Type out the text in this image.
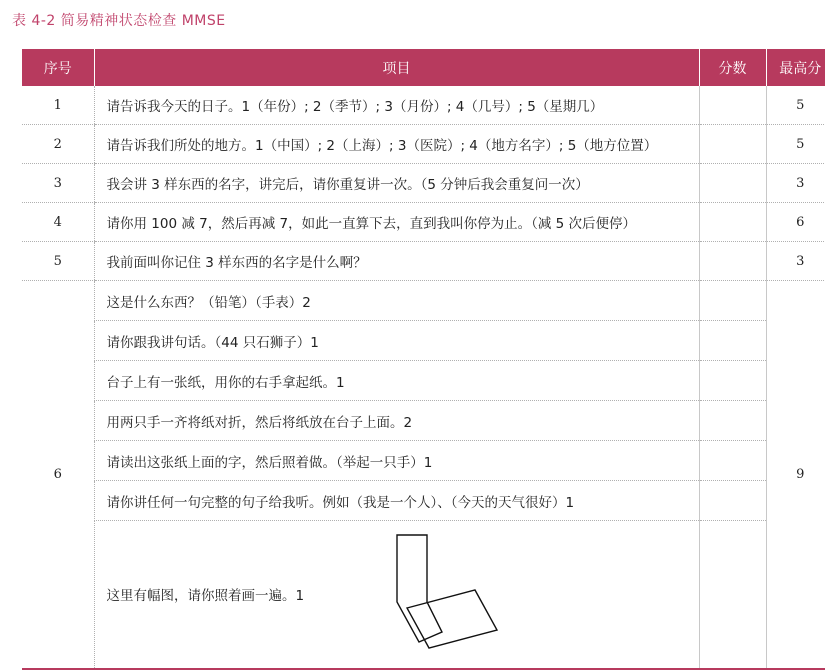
表 4-2 简易精神状态检查 MMSE
序号	项目	分数	最高分
1	请告诉我今天的日子。1（年份）; 2（季节）; 3（月份）; 4（几号）; 5（星期几）		5
2	请告诉我们所处的地方。1（中国）; 2（上海）; 3（医院）; 4（地方名字）; 5（地方位置）		5
3	我会讲 3 样东西的名字，讲完后，请你重复讲一次。（5 分钟后我会重复问一次）		3
4	请你用 100 减 7，然后再减 7，如此一直算下去，直到我叫你停为止。（减 5 次后便停）		6
5	我前面叫你记住 3 样东西的名字是什么啊？		3
6	这是什么东西？（铅笔）（手表）2		9
	请你跟我讲句话。（44 只石狮子）1		
	台子上有一张纸，用你的右手拿起纸。1		
	用两只手一齐将纸对折，然后将纸放在台子上面。2		
	请读出这张纸上面的字，然后照着做。（举起一只手）1		
	请你讲任何一句完整的句子给我听。例如（我是一个人）、（今天的天气很好）1		

	这里有幅图，请你照着画一遍。1		
